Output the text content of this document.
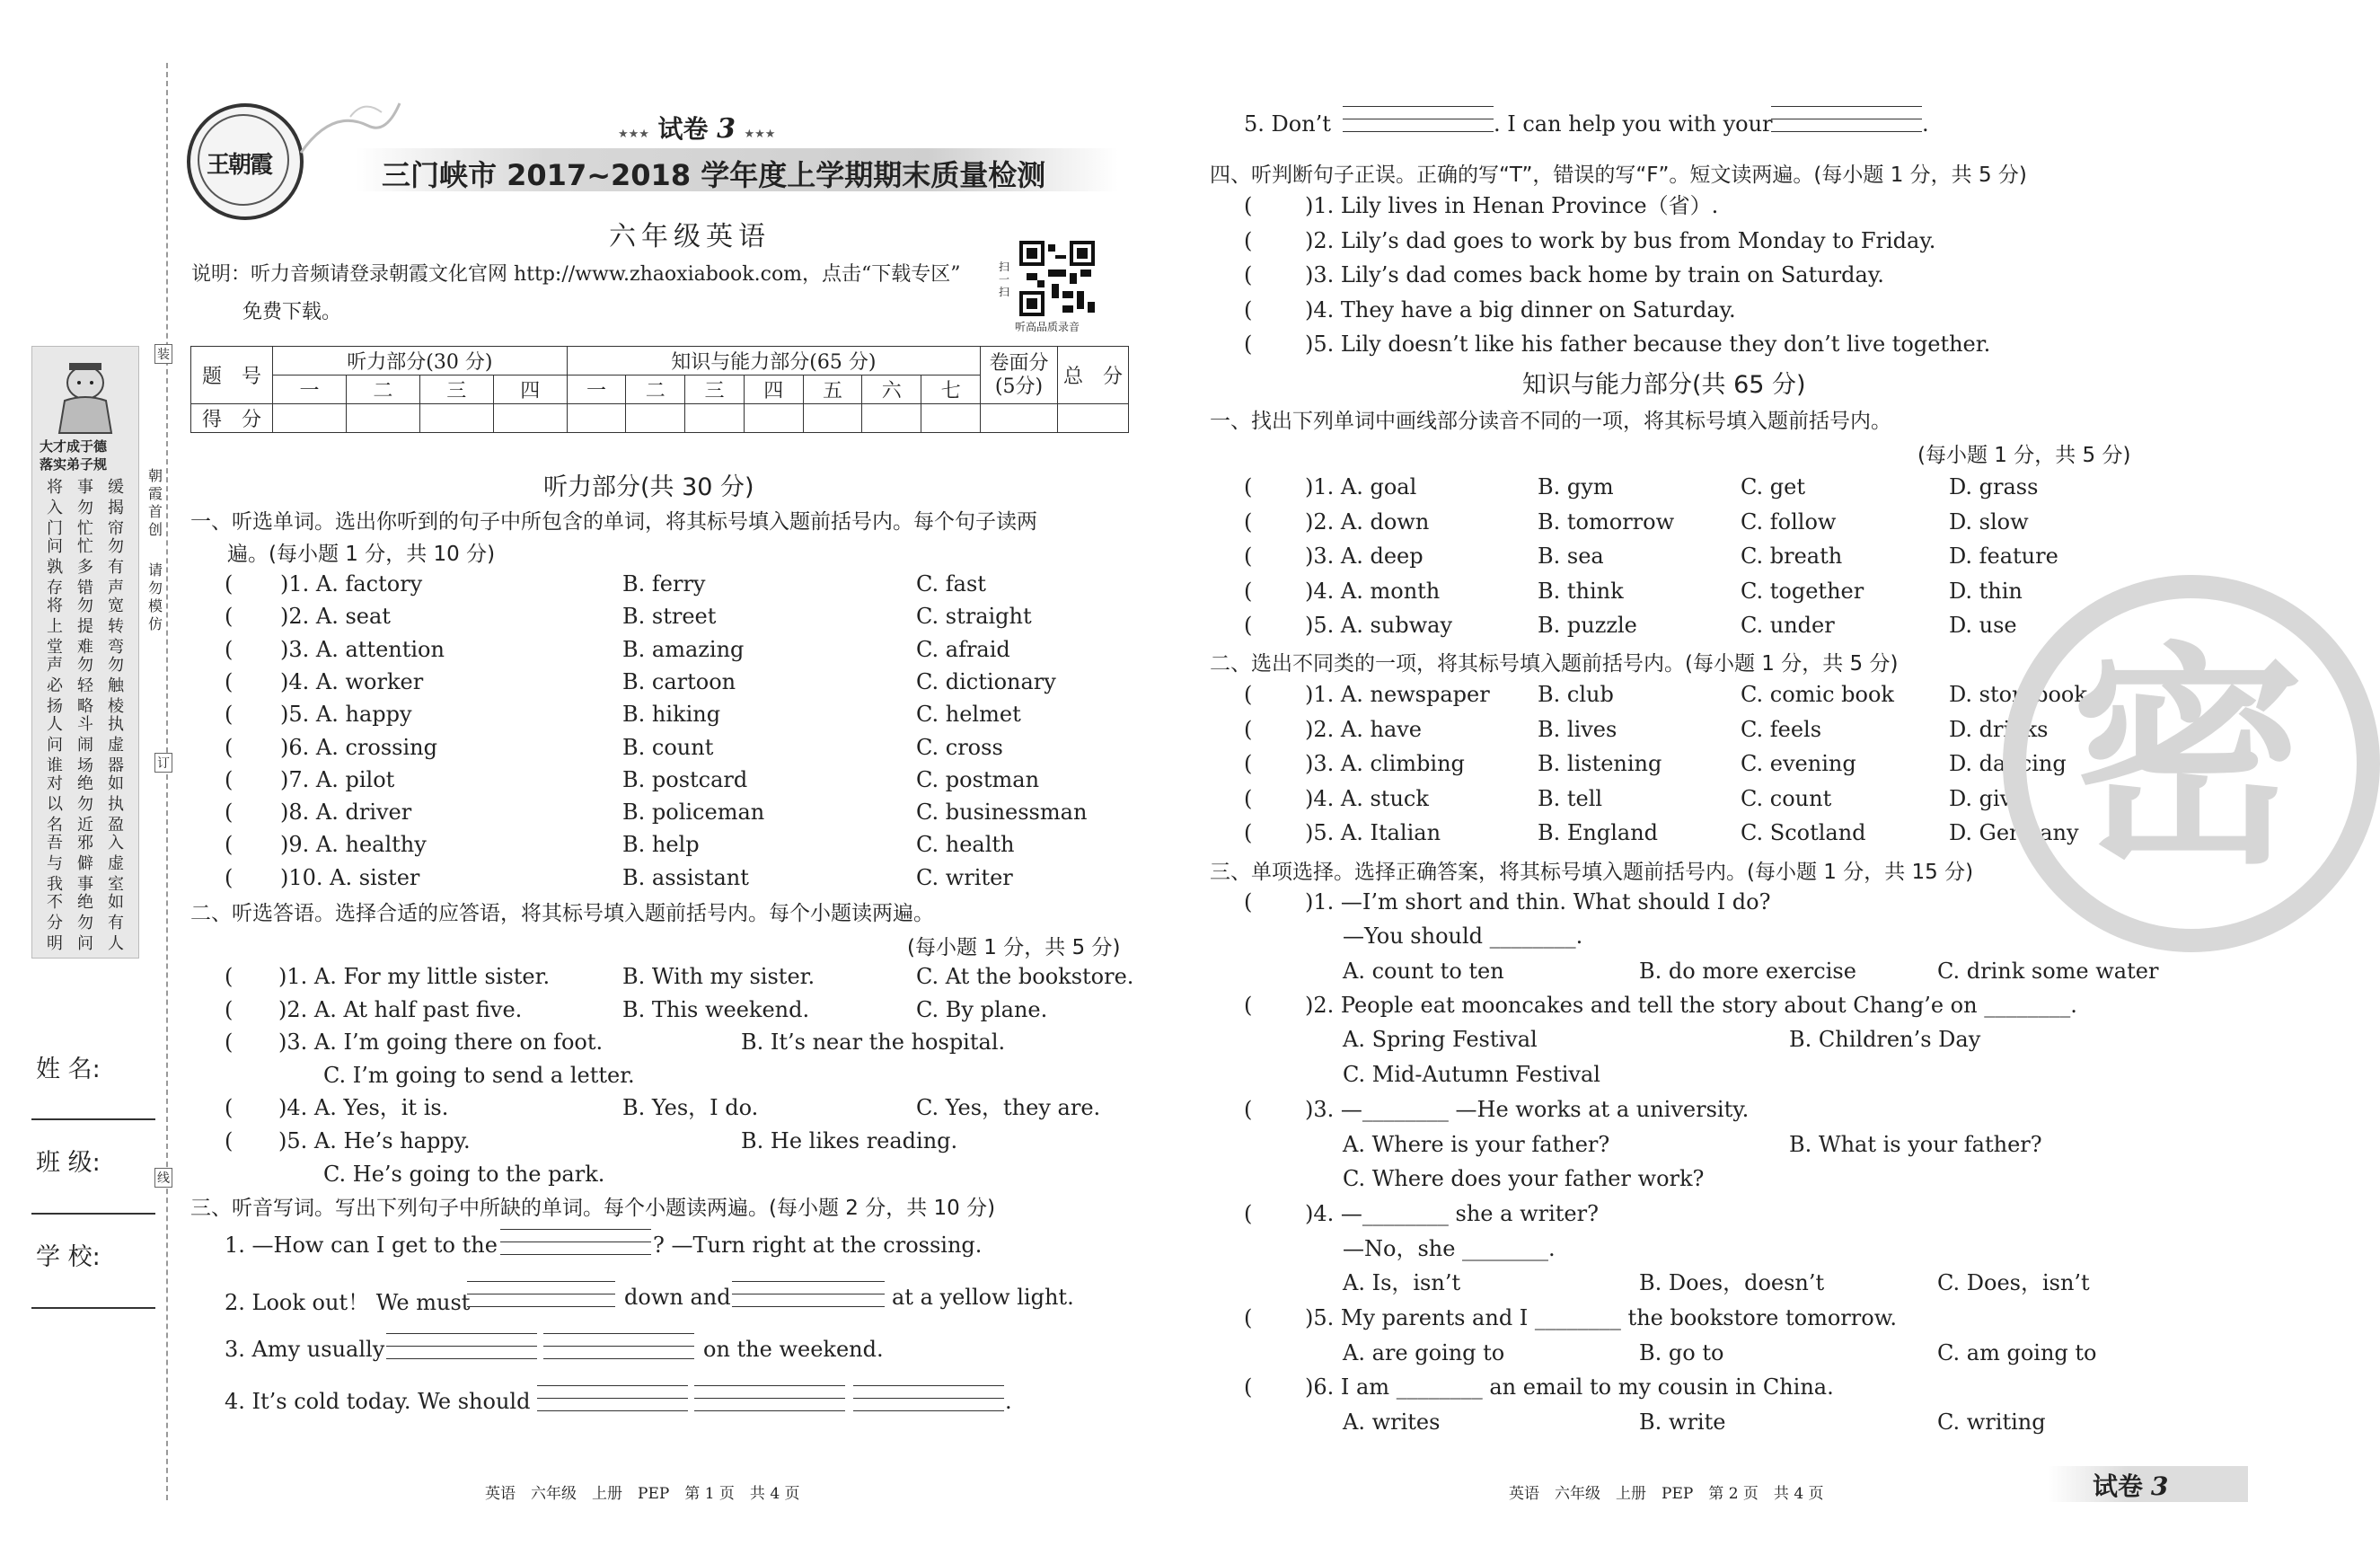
大才成于德
落实弟子规
将入门
事勿忙
缓揭帘
问孰存
忙多错
勿有声
将上堂
勿提难
宽转弯
声必扬
勿轻略
勿触棱
人问谁
斗闹场
执虚器
对以名
绝勿近
如执盈
吾与我
邪僻事
入虚室
不分明
绝勿问
如有人
朝霞首创
请勿模仿
装
订
线
姓 名:
班 级:
学 校:
王朝霞
★★★ 试卷 3 ★★★
三门峡市 2017~2018 学年度上学期期末质量检测
六年级英语
说明：听力音频请登录朝霞文化官网 http://www.zhaoxiabook.com，点击“下载专区”
免费下载。
扫一扫
听高品质录音
题　号	听力部分(30 分)				知识与能力部分(65 分)							卷面分 (5分)	总　分
	一	二	三	四	一	二	三	四	五	六	七		
得　分													
听力部分(共 30 分)
一、听选单词。选出你听到的句子中所包含的单词，将其标号填入题前括号内。每个句子读两
遍。(每小题 1 分，共 10 分)
( )1. A. factory	B. ferry	C. fast
( )2. A. seat	B. street	C. straight
( )3. A. attention	B. amazing	C. afraid
( )4. A. worker	B. cartoon	C. dictionary
( )5. A. happy	B. hiking	C. helmet
( )6. A. crossing	B. count	C. cross
( )7. A. pilot	B. postcard	C. postman
( )8. A. driver	B. policeman	C. businessman
( )9. A. healthy	B. help	C. health
( )10. A. sister	B. assistant	C. writer
二、听选答语。选择合适的应答语，将其标号填入题前括号内。每个小题读两遍。
(每小题 1 分，共 5 分)
( )1. A. For my little sister.	B. With my sister.	C. At the bookstore.
( )2. A. At half past five.	B. This weekend.	C. By plane.
( )3. A. I’m going there on foot.	B. It’s near the hospital.
C. I’m going to send a letter.
( )4. A. Yes，it is.	B. Yes，I do.	C. Yes，they are.
( )5. A. He’s happy.	B. He likes reading.
C. He’s going to the park.
三、听音写词。写出下列句子中所缺的单词。每个小题读两遍。(每小题 2 分，共 10 分)
1. —How can I get to the	? —Turn right at the crossing.
2. Look out！ We must	down and	at a yellow light.
3. Amy usually	on the weekend.
4. It’s cold today. We should	.
英语　六年级　上册　PEP　第 1 页　共 4 页
5. Don’t	. I can help you with your	.
四、听判断句子正误。正确的写“T”，错误的写“F”。短文读两遍。(每小题 1 分，共 5 分)
( )1. Lily lives in Henan Province（省）.
( )2. Lily’s dad goes to work by bus from Monday to Friday.
( )3. Lily’s dad comes back home by train on Saturday.
( )4. They have a big dinner on Saturday.
( )5. Lily doesn’t like his father because they don’t live together.
知识与能力部分(共 65 分)
一、找出下列单词中画线部分读音不同的一项，将其标号填入题前括号内。
(每小题 1 分，共 5 分)
( )1. A. goal	B. gym	C. get	D. grass
( )2. A. down	B. tomorrow	C. follow	D. slow
( )3. A. deep	B. sea	C. breath	D. feature
( )4. A. month	B. think	C. together	D. thin
( )5. A. subway	B. puzzle	C. under	D. use
二、选出不同类的一项，将其标号填入题前括号内。(每小题 1 分，共 5 分)
( )1. A. newspaper B. club	C. comic book	D. storybook
( )2. A. have	B. lives	C. feels	D. drinks
( )3. A. climbing	B. listening	C. evening	D. dancing
( )4. A. stuck	B. tell	C. count	D. give
( )5. A. Italian	B. England	C. Scotland	D. Germany
三、单项选择。选择正确答案，将其标号填入题前括号内。(每小题 1 分，共 15 分)
( )1. —I’m short and thin. What should I do?
—You should ________.
A. count to ten	B. do more exercise	C. drink some water
( )2. People eat mooncakes and tell the story about Chang’e on ________.
A. Spring Festival	B. Children’s Day
C. Mid-Autumn Festival
( )3. —________ —He works at a university.
A. Where is your father?	B. What is your father?
C. Where does your father work?
( )4. —________ she a writer?
—No，she ________.
A. Is，isn’t	B. Does，doesn’t	C. Does，isn’t
( )5. My parents and I ________ the bookstore tomorrow.
A. are going to	B. go to	C. am going to
( )6. I am ________ an email to my cousin in China.
A. writes	B. write	C. writing
密
英语　六年级　上册　PEP　第 2 页　共 4 页	试卷 3
